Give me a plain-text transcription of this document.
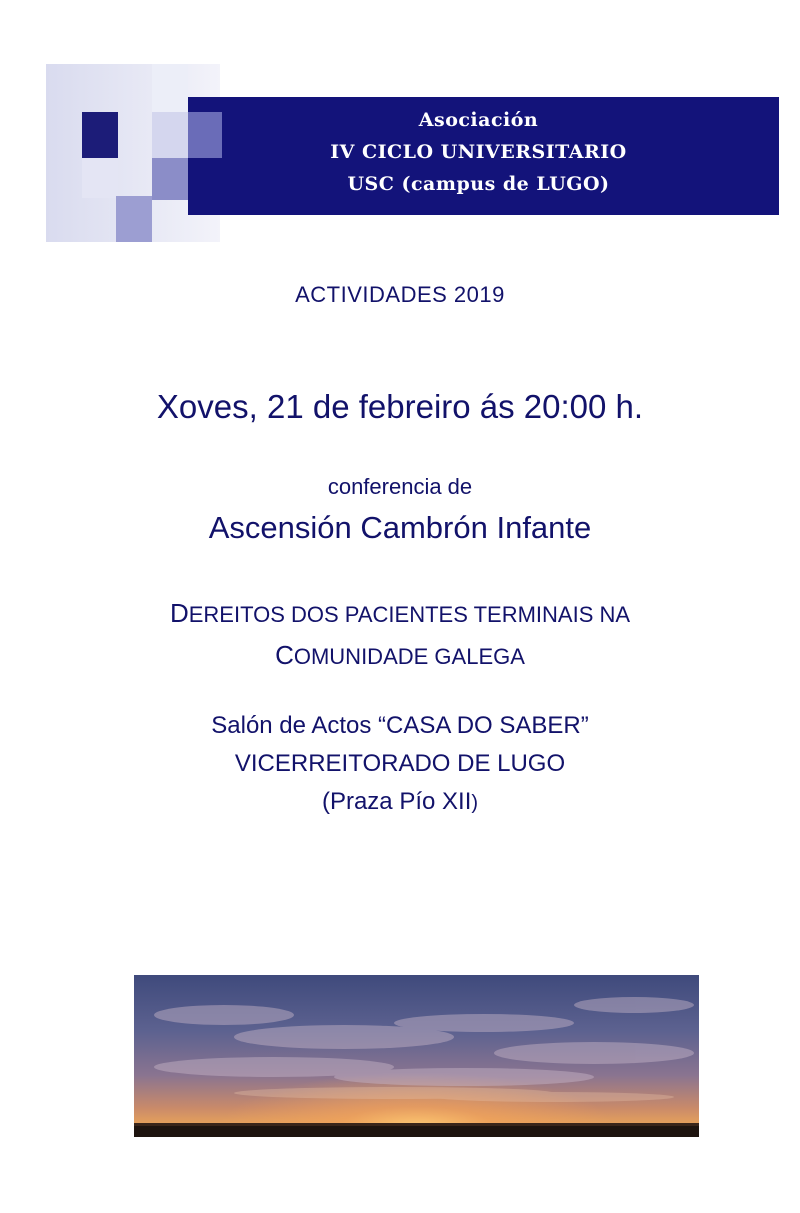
Asociación
IV CICLO UNIVERSITARIO
USC (campus de LUGO)
ACTIVIDADES 2019
Xoves, 21 de febreiro ás 20:00 h.
conferencia de
Ascensión Cambrón Infante
DEREITOS DOS PACIENTES TERMINAIS NA
COMUNIDADE GALEGA
Salón de Actos “CASA DO SABER”
VICERREITORADO DE LUGO
(Praza Pío XII)
